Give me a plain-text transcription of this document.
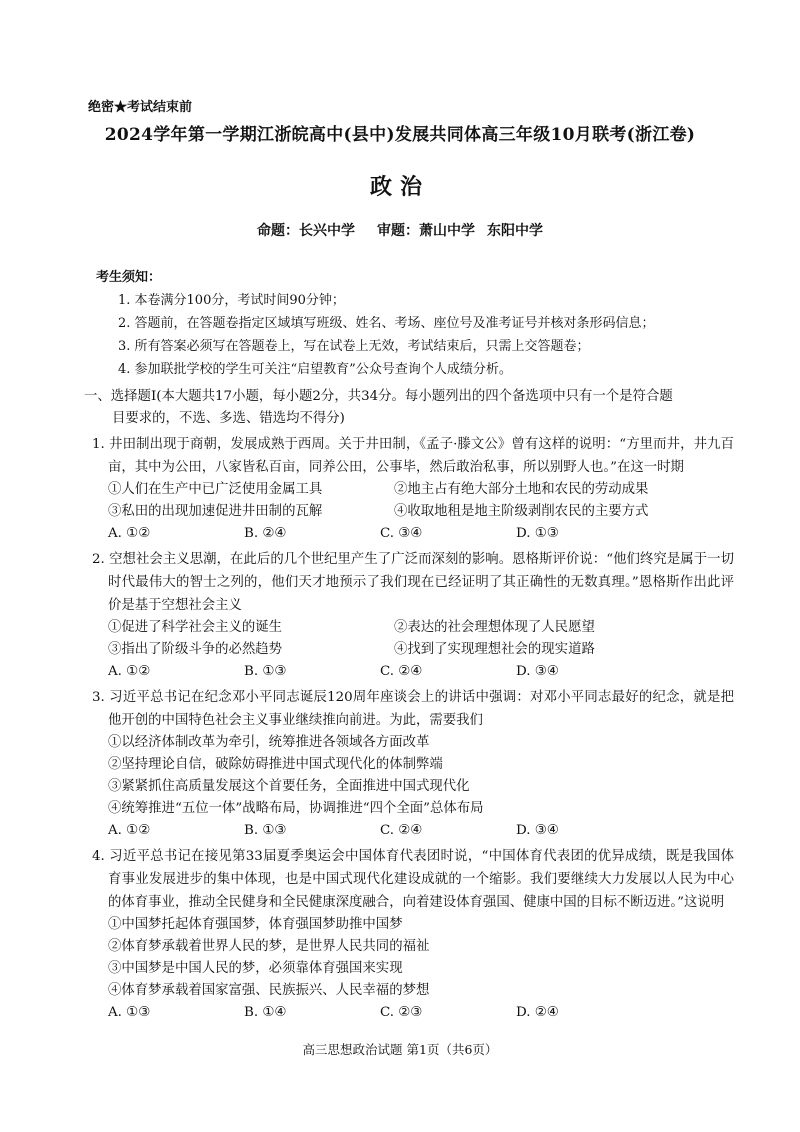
绝密★考试结束前
2024学年第一学期江浙皖高中(县中)发展共同体高三年级10月联考(浙江卷)
政治
命题：长兴中学 审题：萧山中学 东阳中学
考生须知：
1. 本卷满分100分，考试时间90分钟；
2. 答题前，在答题卷指定区域填写班级、姓名、考场、座位号及准考证号并核对条形码信息；
3. 所有答案必须写在答题卷上，写在试卷上无效，考试结束后，只需上交答题卷；
4. 参加联批学校的学生可关注“启望教育”公众号查询个人成绩分析。
一、选择题Ⅰ(本大题共17小题，每小题2分，共34分。每小题列出的四个备选项中只有一个是符合题
目要求的，不选、多选、错选均不得分)
1. 井田制出现于商朝，发展成熟于西周。关于井田制，《孟子·滕文公》曾有这样的说明：“方里而井，井九百亩，其中为公田，八家皆私百亩，同养公田，公事毕，然后敢治私事，所以别野人也。”在这一时期
①人们在生产中已广泛使用金属工具	②地主占有绝大部分土地和农民的劳动成果
③私田的出现加速促进井田制的瓦解	④收取地租是地主阶级剥削农民的主要方式
A. ①②	B. ②④	C. ③④	D. ①③
2. 空想社会主义思潮，在此后的几个世纪里产生了广泛而深刻的影响。恩格斯评价说：“他们终究是属于一切时代最伟大的智士之列的，他们天才地预示了我们现在已经证明了其正确性的无数真理。”恩格斯作出此评价是基于空想社会主义
①促进了科学社会主义的诞生	②表达的社会理想体现了人民愿望
③指出了阶级斗争的必然趋势	④找到了实现理想社会的现实道路
A. ①②	B. ①③	C. ②④	D. ③④
3. 习近平总书记在纪念邓小平同志诞辰120周年座谈会上的讲话中强调：对邓小平同志最好的纪念，就是把他开创的中国特色社会主义事业继续推向前进。为此，需要我们
①以经济体制改革为牵引，统筹推进各领域各方面改革
②坚持理论自信，破除妨碍推进中国式现代化的体制弊端
③紧紧抓住高质量发展这个首要任务，全面推进中国式现代化
④统筹推进“五位一体”战略布局，协调推进“四个全面”总体布局
A. ①②	B. ①③	C. ②④	D. ③④
4. 习近平总书记在接见第33届夏季奥运会中国体育代表团时说，“中国体育代表团的优异成绩，既是我国体育事业发展进步的集中体现，也是中国式现代化建设成就的一个缩影。我们要继续大力发展以人民为中心的体育事业，推动全民健身和全民健康深度融合，向着建设体育强国、健康中国的目标不断迈进。”这说明
①中国梦托起体育强国梦，体育强国梦助推中国梦
②体育梦承载着世界人民的梦，是世界人民共同的福祉
③中国梦是中国人民的梦，必须靠体育强国来实现
④体育梦承载着国家富强、民族振兴、人民幸福的梦想
A. ①③	B. ①④	C. ②③	D. ②④
高三思想政治试题 第1页（共6页）
